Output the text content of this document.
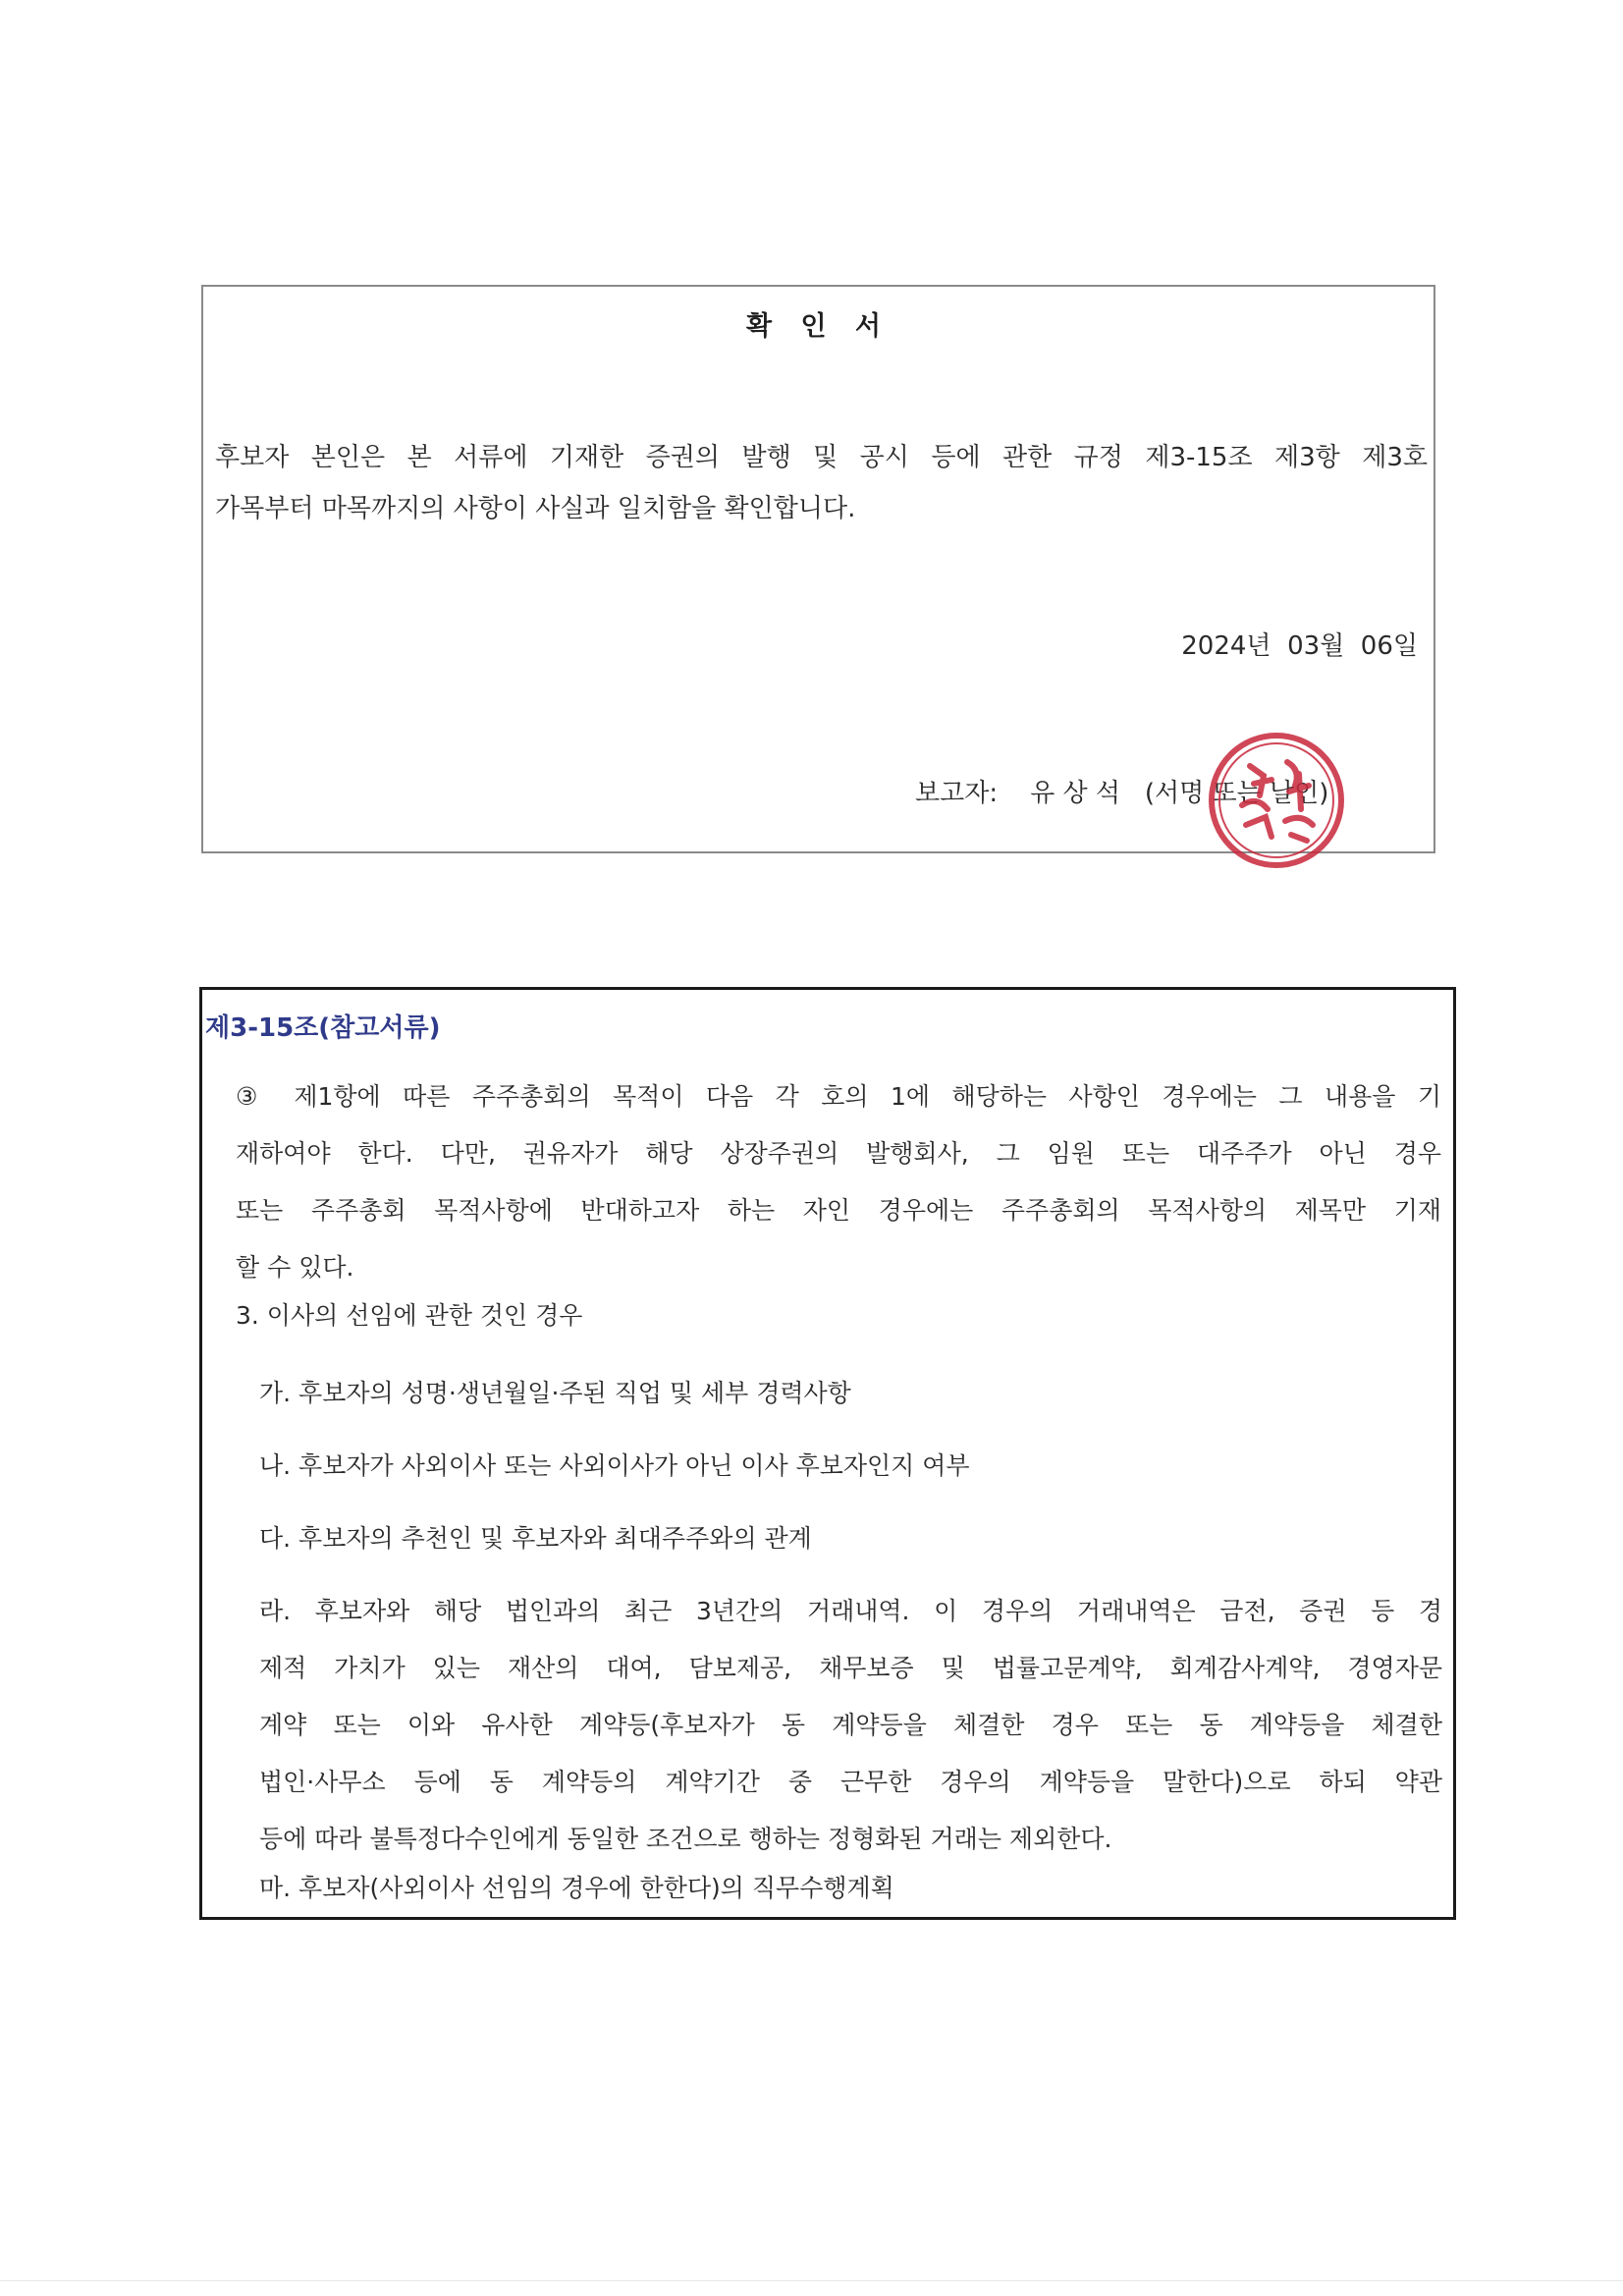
확 인 서
후보자 본인은 본 서류에 기재한 증권의 발행 및 공시 등에 관한 규정 제3-15조 제3항 제3호
가목부터 마목까지의 사항이 사실과 일치함을 확인합니다.
2024년  03월  06일
보고자: 유 상 석 (서명 또는 날인)
제3-15조(참고서류)
③ 제1항에 따른 주주총회의 목적이 다음 각 호의 1에 해당하는 사항인 경우에는 그 내용을 기
재하여야 한다. 다만, 권유자가 해당 상장주권의 발행회사, 그 임원 또는 대주주가 아닌 경우
또는 주주총회 목적사항에 반대하고자 하는 자인 경우에는 주주총회의 목적사항의 제목만 기재
할 수 있다.
3. 이사의 선임에 관한 것인 경우
가. 후보자의 성명·생년월일·주된 직업 및 세부 경력사항
나. 후보자가 사외이사 또는 사외이사가 아닌 이사 후보자인지 여부
다. 후보자의 추천인 및 후보자와 최대주주와의 관계
라. 후보자와 해당 법인과의 최근 3년간의 거래내역. 이 경우의 거래내역은 금전, 증권 등 경
제적 가치가 있는 재산의 대여, 담보제공, 채무보증 및 법률고문계약, 회계감사계약, 경영자문
계약 또는 이와 유사한 계약등(후보자가 동 계약등을 체결한 경우 또는 동 계약등을 체결한
법인·사무소 등에 동 계약등의 계약기간 중 근무한 경우의 계약등을 말한다)으로 하되 약관
등에 따라 불특정다수인에게 동일한 조건으로 행하는 정형화된 거래는 제외한다.
마. 후보자(사외이사 선임의 경우에 한한다)의 직무수행계획
